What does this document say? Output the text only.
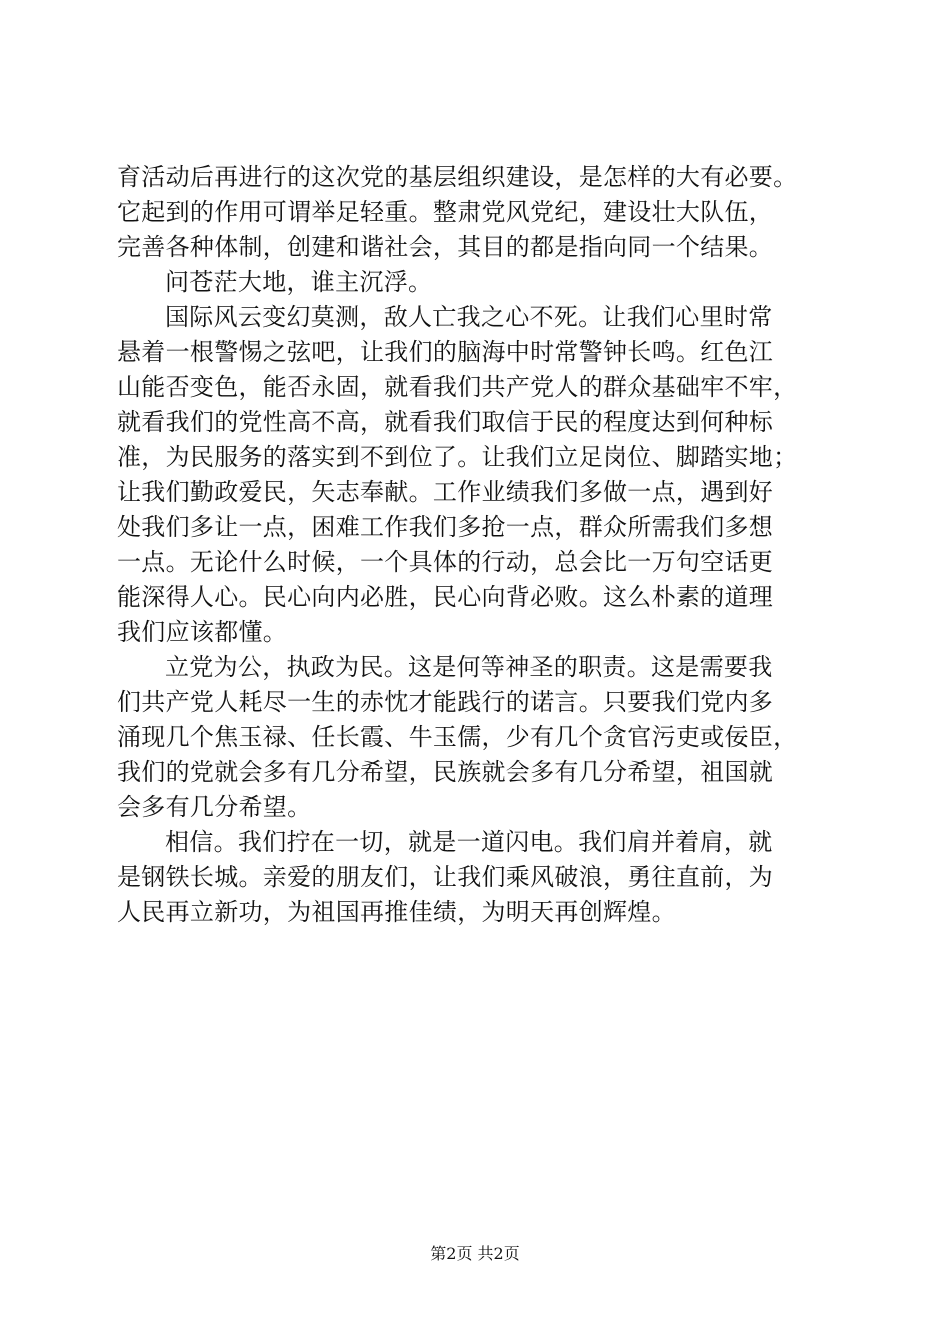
育活动后再进行的这次党的基层组织建设，是怎样的大有必要。
它起到的作用可谓举足轻重。整肃党风党纪，建设壮大队伍，
完善各种体制，创建和谐社会，其目的都是指向同一个结果。
问苍茫大地，谁主沉浮。
国际风云变幻莫测，敌人亡我之心不死。让我们心里时常
悬着一根警惕之弦吧，让我们的脑海中时常警钟长鸣。红色江
山能否变色，能否永固，就看我们共产党人的群众基础牢不牢，
就看我们的党性高不高，就看我们取信于民的程度达到何种标
准，为民服务的落实到不到位了。让我们立足岗位、脚踏实地；
让我们勤政爱民，矢志奉献。工作业绩我们多做一点，遇到好
处我们多让一点，困难工作我们多抢一点，群众所需我们多想
一点。无论什么时候，一个具体的行动，总会比一万句空话更
能深得人心。民心向内必胜，民心向背必败。这么朴素的道理
我们应该都懂。
立党为公，执政为民。这是何等神圣的职责。这是需要我
们共产党人耗尽一生的赤忱才能践行的诺言。只要我们党内多
涌现几个焦玉禄、任长霞、牛玉儒，少有几个贪官污吏或佞臣，
我们的党就会多有几分希望，民族就会多有几分希望，祖国就
会多有几分希望。
相信。我们拧在一切，就是一道闪电。我们肩并着肩，就
是钢铁长城。亲爱的朋友们，让我们乘风破浪，勇往直前，为
人民再立新功，为祖国再推佳绩，为明天再创辉煌。
第2页 共2页
